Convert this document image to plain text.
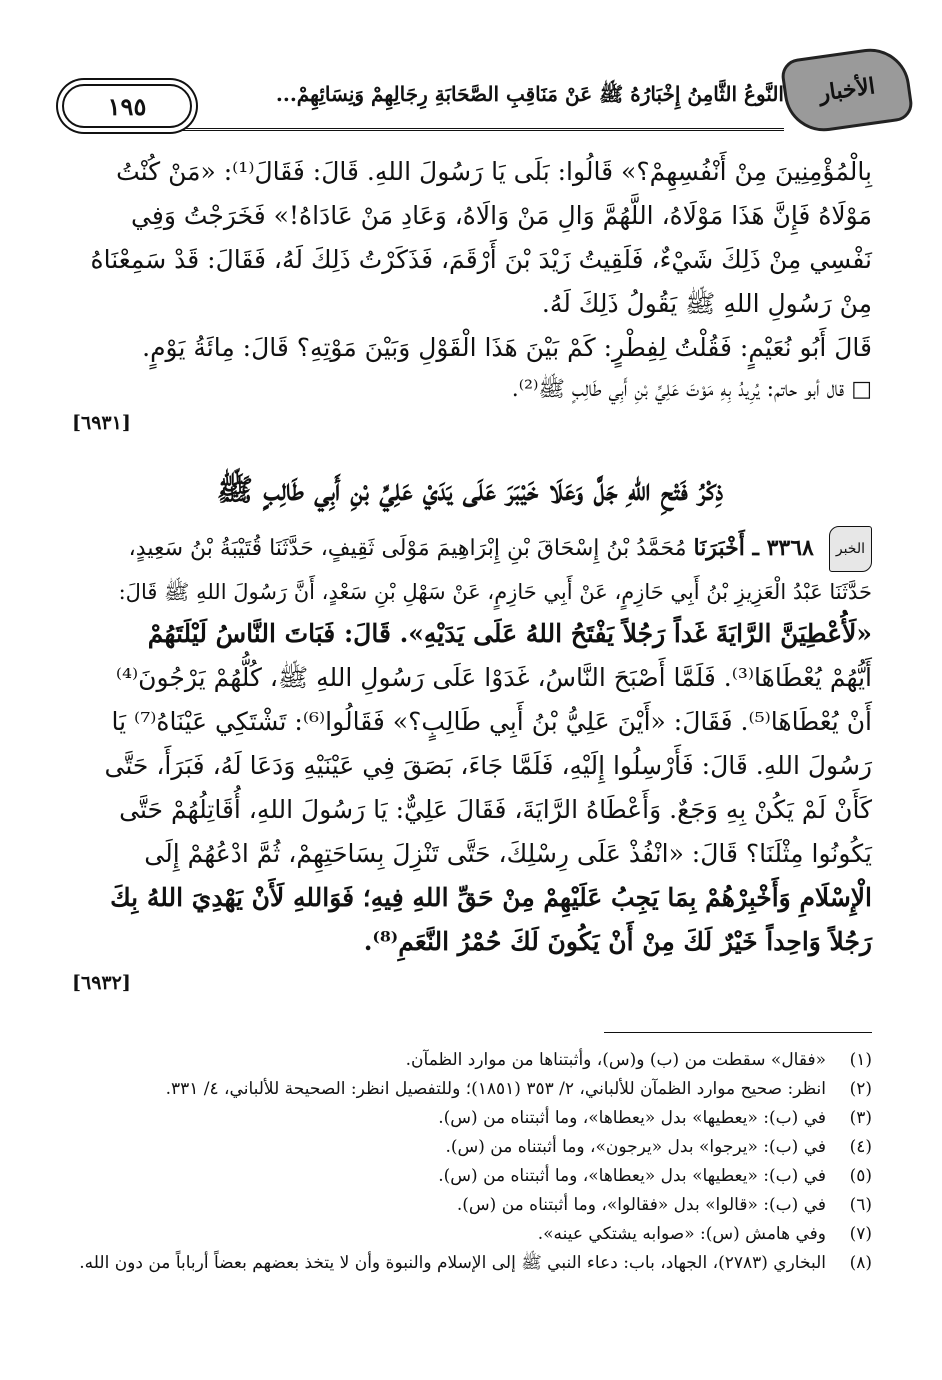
الأخبار
النَّوعُ الثَّامِنُ إِخْبَارُهُ ﷺ عَنْ مَنَاقِبِ الصَّحَابَةِ رِجَالِهِمْ وَنِسَائِهِمْ...
١٩٥

بِالْمُؤْمِنِينَ مِنْ أَنْفُسِهِمْ؟» قَالُوا: بَلَى يَا رَسُولَ اللهِ. قَالَ: فَقَالَ⁽¹⁾: «مَنْ كُنْتُ

مَوْلَاهُ فَإِنَّ هَذَا مَوْلَاهُ، اللَّهُمَّ وَالِ مَنْ وَالَاهُ، وَعَادِ مَنْ عَادَاهُ!» فَخَرَجْتُ وَفِي

نَفْسِي مِنْ ذَلِكَ شَيْءٌ، فَلَقِيتُ زَيْدَ بْنَ أَرْقَمَ، فَذَكَرْتُ ذَلِكَ لَهُ، فَقَالَ: قَدْ سَمِعْنَاهُ

مِنْ رَسُولِ اللهِ ﷺ يَقُولُ ذَلِكَ لَهُ.

قَالَ أَبُو نُعَيْمٍ: فَقُلْتُ لِفِطْرٍ: كَمْ بَيْنَ هَذَا الْقَوْلِ وَبَيْنَ مَوْتِهِ؟ قَالَ: مِائَةُ يَوْمٍ.

□ قال أبو حاتم: يُرِيدُ بِهِ مَوْتَ عَلِيِّ بْنِ أَبِي طَالِبٍ ﷺ⁽²⁾.

[٦٩٣١]
ذِكْرُ فَتْحِ اللهِ جَلَّ وَعَلَا خَيْبَرَ عَلَى يَدَيْ عَلِيِّ بْنِ أَبِي طَالِبٍ ﷺ

الخبر ٣٣٦٨ ـ أَخْبَرَنَا مُحَمَّدُ بْنُ إِسْحَاقَ بْنِ إِبْرَاهِيمَ مَوْلَى ثَقِيفٍ، حَدَّثَنَا قُتَيْبَةُ بْنُ سَعِيدٍ،

حَدَّثَنَا عَبْدُ الْعَزِيزِ بْنُ أَبِي حَازِمٍ، عَنْ أَبِي حَازِمٍ، عَنْ سَهْلِ بْنِ سَعْدٍ، أَنَّ رَسُولَ اللهِ ﷺ قَالَ:

«لَأُعْطِيَنَّ الرَّايَةَ غَداً رَجُلاً يَفْتَحُ اللهُ عَلَى يَدَيْهِ». قَالَ: فَبَاتَ النَّاسُ لَيْلَتَهُمْ

أَيُّهُمْ يُعْطَاهَا⁽³⁾. فَلَمَّا أَصْبَحَ النَّاسُ، غَدَوْا عَلَى رَسُولِ اللهِ ﷺ، كُلُّهُمْ يَرْجُونَ⁽⁴⁾

أَنْ يُعْطَاهَا⁽⁵⁾. فَقَالَ: «أَيْنَ عَلِيُّ بْنُ أَبِي طَالِبٍ؟» فَقَالُوا⁽⁶⁾: تَشْتَكِي عَيْنَاهُ⁽⁷⁾ يَا

رَسُولَ اللهِ. قَالَ: فَأَرْسِلُوا إِلَيْهِ، فَلَمَّا جَاءَ، بَصَقَ فِي عَيْنَيْهِ وَدَعَا لَهُ، فَبَرَأَ، حَتَّى

كَأَنْ لَمْ يَكُنْ بِهِ وَجَعٌ. وَأَعْطَاهُ الرَّايَةَ، فَقَالَ عَلِيٌّ: يَا رَسُولَ اللهِ، أُقَاتِلُهُمْ حَتَّى

يَكُونُوا مِثْلَنَا؟ قَالَ: «انْفُذْ عَلَى رِسْلِكَ، حَتَّى تَنْزِلَ بِسَاحَتِهِمْ، ثُمَّ ادْعُهُمْ إِلَى

الْإِسْلَامِ وَأَخْبِرْهُمْ بِمَا يَجِبُ عَلَيْهِمْ مِنْ حَقِّ اللهِ فِيهِ؛ فَوَاللهِ لَأَنْ يَهْدِيَ اللهُ بِكَ

رَجُلاً وَاحِداً خَيْرٌ لَكَ مِنْ أَنْ يَكُونَ لَكَ حُمْرُ النَّعَمِ⁽⁸⁾.

[٦٩٣٢]
(١)
«فقال» سقطت من (ب) و(س)، وأثبتناها من موارد الظمآن.
(٢)
انظر: صحيح موارد الظمآن للألباني، ٢/ ٣٥٣ (١٨٥١)؛ وللتفصيل انظر: الصحيحة للألباني، ٤/ ٣٣١.
(٣)
في (ب): «يعطيها» بدل «يعطاها»، وما أثبتناه من (س).
(٤)
في (ب): «يرجوا» بدل «يرجون»، وما أثبتناه من (س).
(٥)
في (ب): «يعطيها» بدل «يعطاها»، وما أثبتناه من (س).
(٦)
في (ب): «قالوا» بدل «فقالوا»، وما أثبتناه من (س).
(٧)
وفي هامش (س): «صوابه يشتكي عينه».
(٨)
البخاري (٢٧٨٣)، الجهاد، باب: دعاء النبي ﷺ إلى الإسلام والنبوة وأن لا يتخذ بعضهم بعضاً أرباباً من دون الله.
